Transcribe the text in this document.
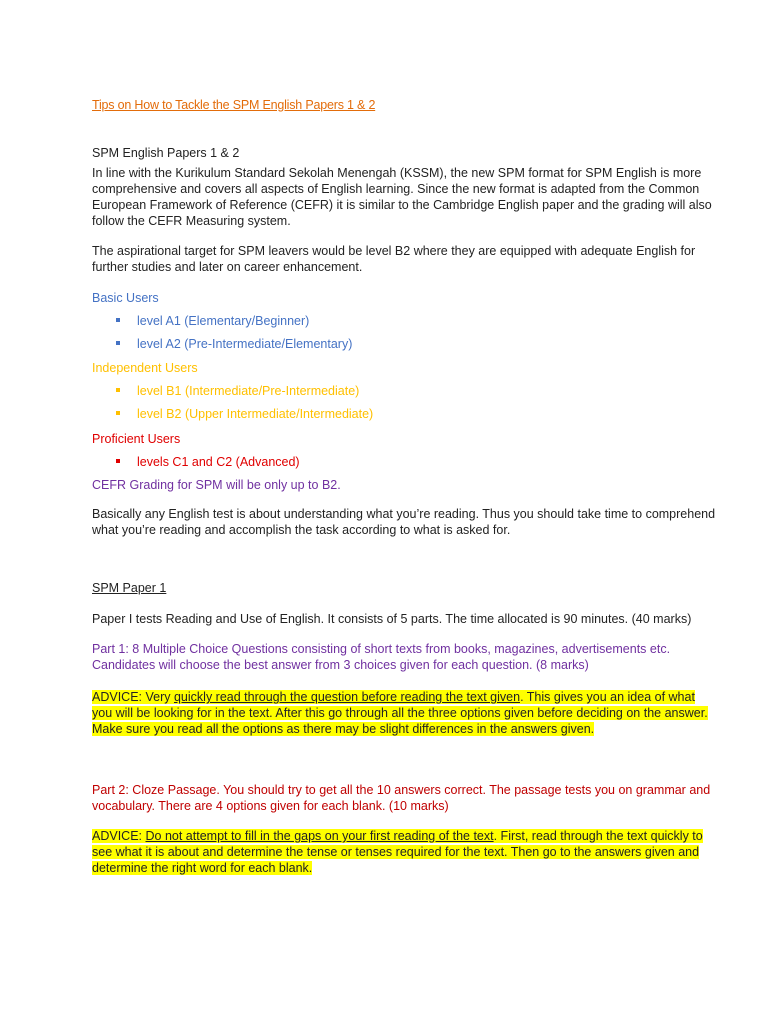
Tips on How to Tackle the SPM English Papers 1 & 2
SPM English Papers 1 & 2
In line with the Kurikulum Standard Sekolah Menengah (KSSM), the new SPM format for SPM English is more
comprehensive and covers all aspects of English learning. Since the new format is adapted from the Common
European Framework of Reference (CEFR) it is similar to the Cambridge English paper and the grading will also
follow the CEFR Measuring system.
The aspirational target for SPM leavers would be level B2 where they are equipped with adequate English for
further studies and later on career enhancement.
Basic Users
level A1 (Elementary/Beginner)
level A2 (Pre-Intermediate/Elementary)
Independent Users
level B1 (Intermediate/Pre-Intermediate)
level B2 (Upper Intermediate/Intermediate)
Proficient Users
levels C1 and C2 (Advanced)
CEFR Grading for SPM will be only up to B2.
Basically any English test is about understanding what you’re reading. Thus you should take time to comprehend
what you’re reading and accomplish the task according to what is asked for.
SPM Paper 1
Paper I tests Reading and Use of English. It consists of 5 parts. The time allocated is 90 minutes. (40 marks)
Part 1: 8 Multiple Choice Questions consisting of short texts from books, magazines, advertisements etc.
Candidates will choose the best answer from 3 choices given for each question. (8 marks)
ADVICE: Very quickly read through the question before reading the text given. This gives you an idea of what
you will be looking for in the text. After this go through all the three options given before deciding on the answer.
Make sure you read all the options as there may be slight differences in the answers given.
Part 2: Cloze Passage. You should try to get all the 10 answers correct. The passage tests you on grammar and
vocabulary. There are 4 options given for each blank. (10 marks)
ADVICE: Do not attempt to fill in the gaps on your first reading of the text. First, read through the text quickly to
see what it is about and determine the tense or tenses required for the text. Then go to the answers given and
determine the right word for each blank.
